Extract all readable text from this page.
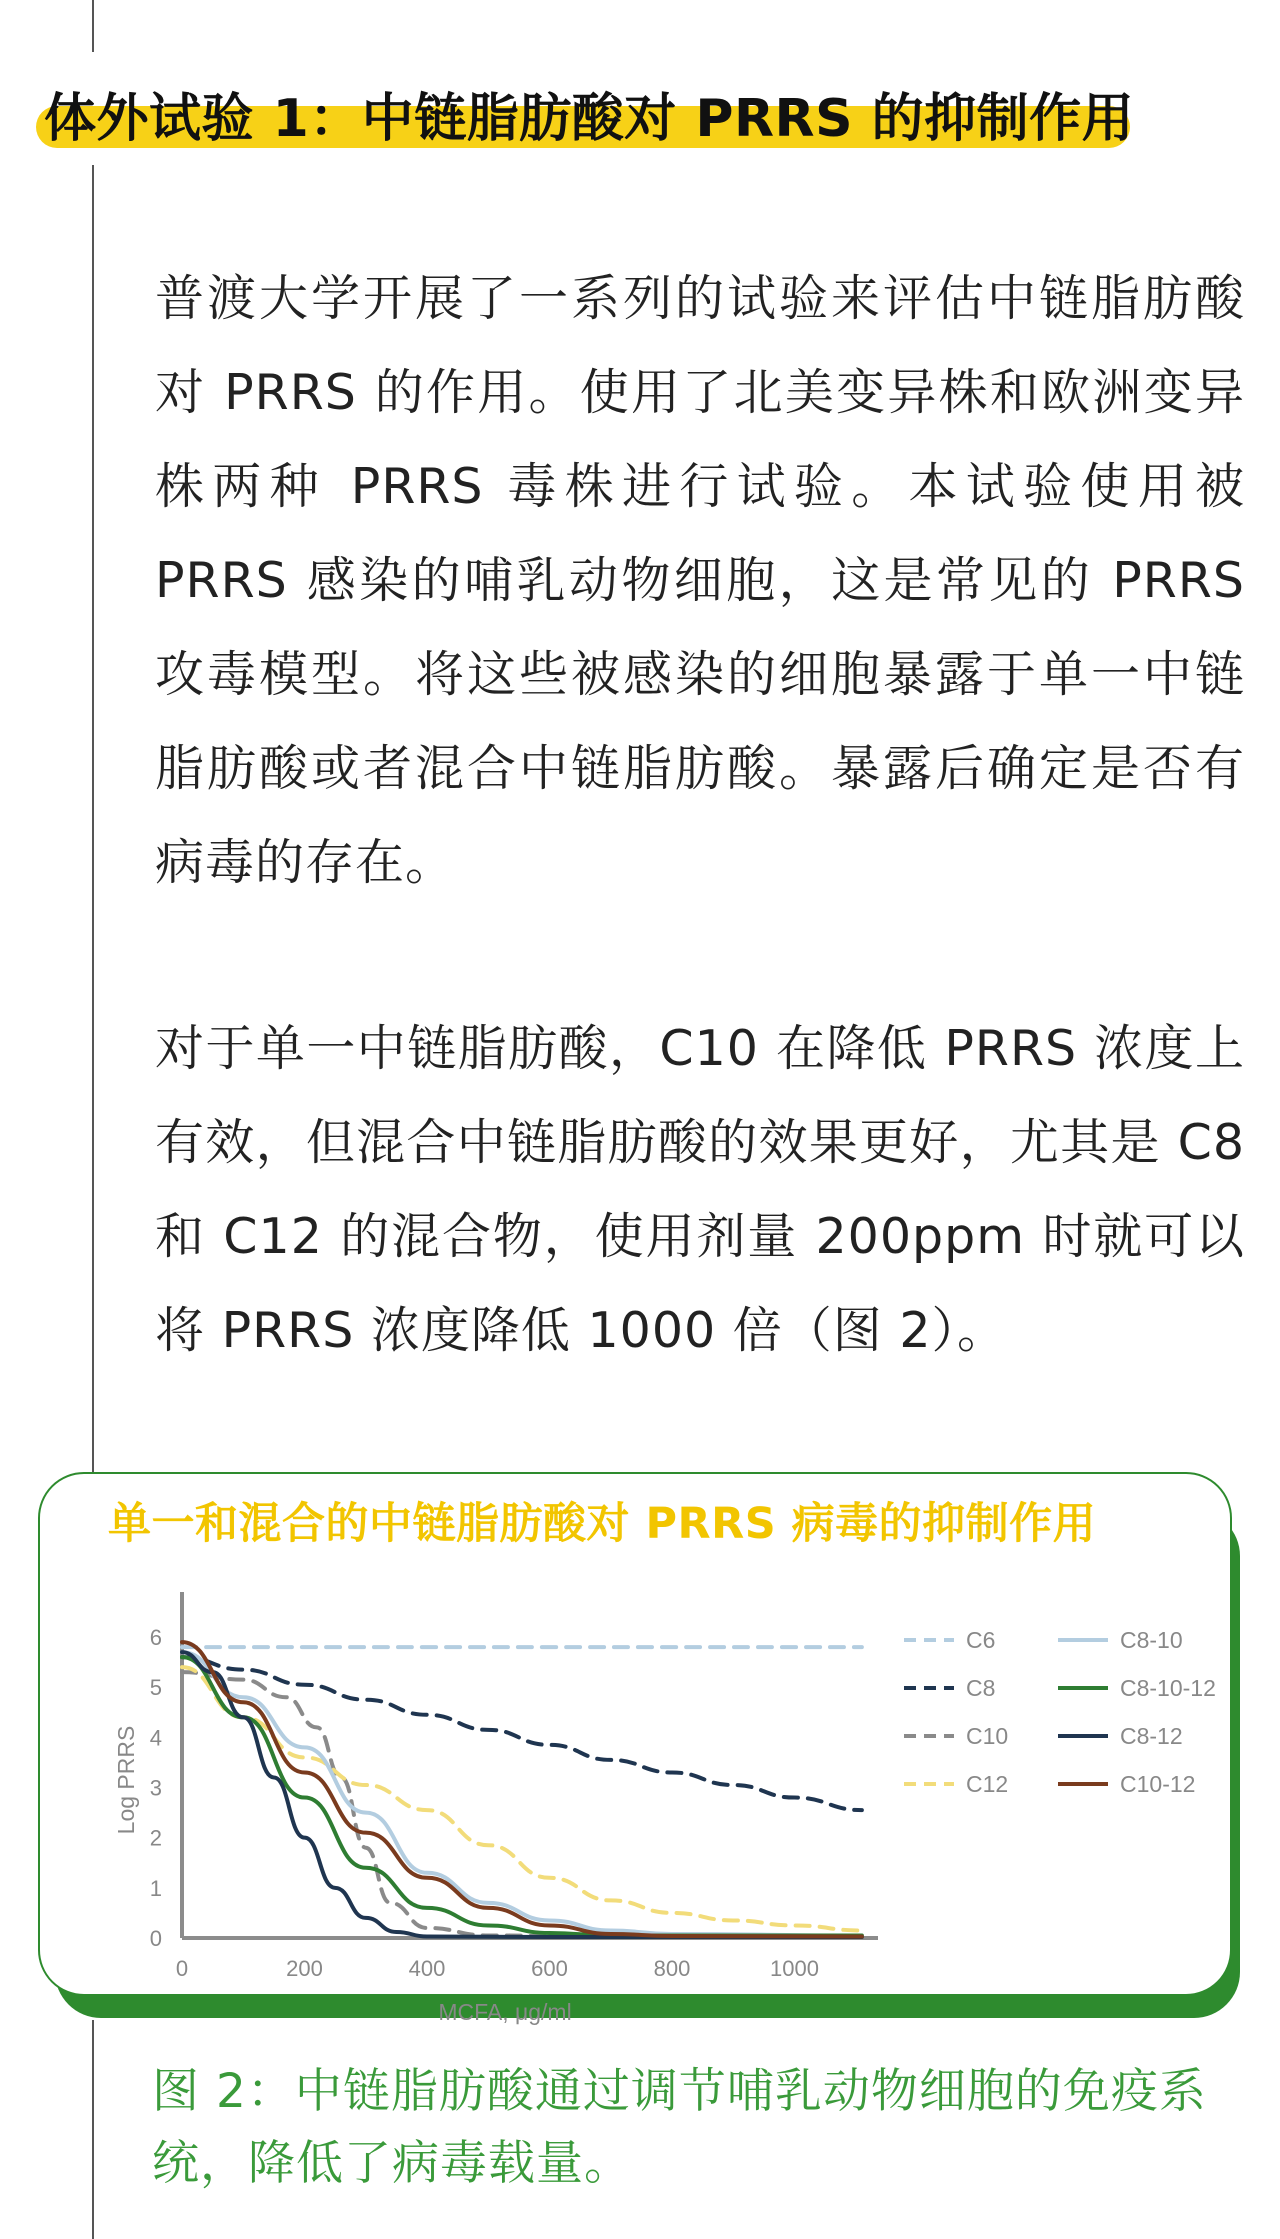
体外试验 1：中链脂肪酸对 PRRS 的抑制作用
普渡大学开展了一系列的试验来评估中链脂肪酸对 PRRS 的作用。使用了北美变异株和欧洲变异株两种 PRRS 毒株进行试验。本试验使用被 PRRS 感染的哺乳动物细胞，这是常见的 PRRS 攻毒模型。将这些被感染的细胞暴露于单一中链脂肪酸或者混合中链脂肪酸。暴露后确定是否有病毒的存在。
对于单一中链脂肪酸，C10 在降低 PRRS 浓度上有效，但混合中链脂肪酸的效果更好，尤其是 C8 和 C12 的混合物，使用剂量 200ppm 时就可以将 PRRS 浓度降低 1000 倍（图 2）。
单一和混合的中链脂肪酸对 PRRS 病毒的抑制作用
0
1
2
3
4
5
6
0	200	400	600	800	1000
MCFA, μg/ml
Log PRRS
C6
C8
C10
C12
C8-10
C8-10-12
C8-12
C10-12
图 2：中链脂肪酸通过调节哺乳动物细胞的免疫系统，降低了病毒载量。
